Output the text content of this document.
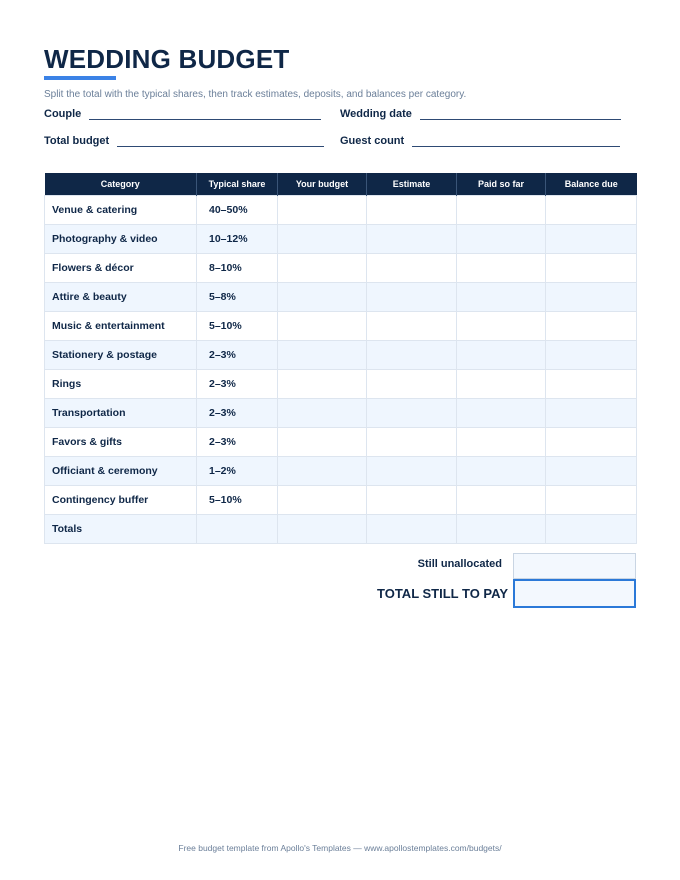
WEDDING BUDGET
Split the total with the typical shares, then track estimates, deposits, and balances per category.
Couple	Wedding date
Total budget	Guest count
Category	Typical share	Your budget	Estimate	Paid so far	Balance due
Venue & catering	40–50%				
Photography & video	10–12%				
Flowers & décor	8–10%				
Attire & beauty	5–8%				
Music & entertainment	5–10%				
Stationery & postage	2–3%				
Rings	2–3%				
Transportation	2–3%				
Favors & gifts	2–3%				
Officiant & ceremony	1–2%				
Contingency buffer	5–10%				
Totals					
Still unallocated
TOTAL STILL TO PAY
Free budget template from Apollo's Templates — www.apollostemplates.com/budgets/
